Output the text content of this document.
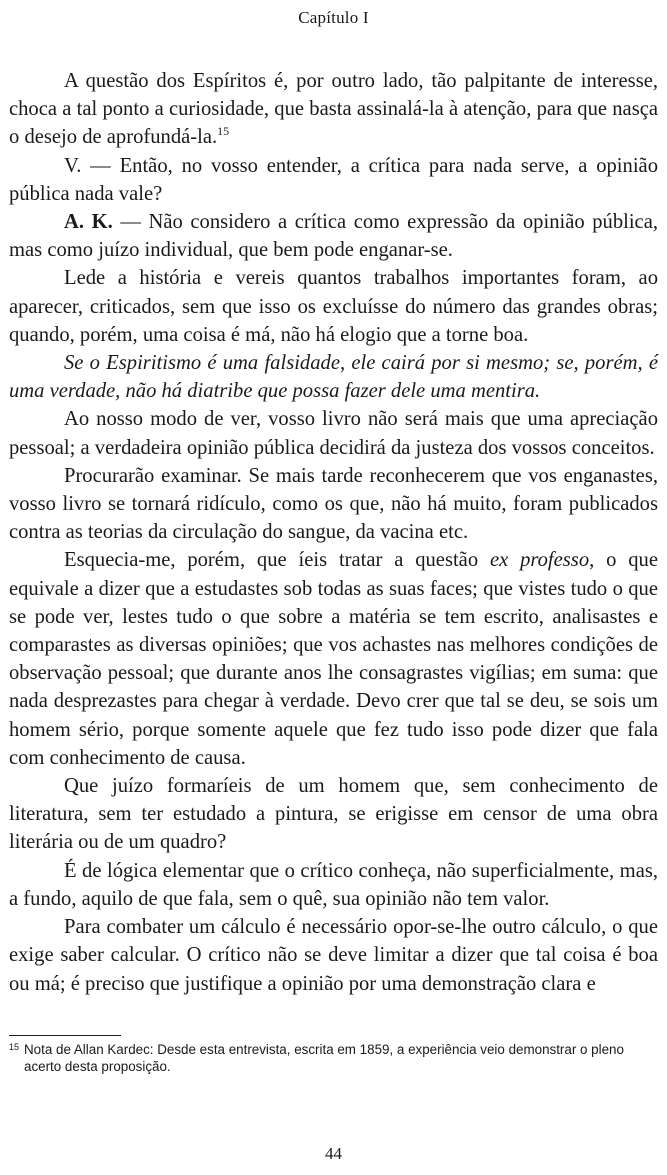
Capítulo I

A questão dos Espíritos é, por outro lado, tão palpitante de interesse, choca a tal ponto a curiosidade, que basta assinalá-la à atenção, para que nasça o desejo de aprofundá-la.$^{15}$

V. — Então, no vosso entender, a crítica para nada serve, a opinião pública nada vale?

A. K. — Não considero a crítica como expressão da opinião pública, mas como juízo individual, que bem pode enganar-se.

Lede a história e vereis quantos trabalhos importantes foram, ao aparecer, criticados, sem que isso os excluísse do número das grandes obras; quando, porém, uma coisa é má, não há elogio que a torne boa.

Se o Espiritismo é uma falsidade, ele cairá por si mesmo; se, porém, é uma verdade, não há diatribe que possa fazer dele uma mentira.

Ao nosso modo de ver, vosso livro não será mais que uma apreciação pessoal; a verdadeira opinião pública decidirá da justeza dos vossos conceitos.

Procurarão examinar. Se mais tarde reconhecerem que vos enganastes, vosso livro se tornará ridículo, como os que, não há muito, foram publicados contra as teorias da circulação do sangue, da vacina etc.

Esquecia-me, porém, que íeis tratar a questão ex professo, o que equivale a dizer que a estudastes sob todas as suas faces; que vistes tudo o que se pode ver, lestes tudo o que sobre a matéria se tem escrito, analisastes e comparastes as diversas opiniões; que vos achastes nas melhores condições de observação pessoal; que durante anos lhe consagrastes vigílias; em suma: que nada desprezastes para chegar à verdade. Devo crer que tal se deu, se sois um homem sério, porque somente aquele que fez tudo isso pode dizer que fala com conhecimento de causa.

Que juízo formaríeis de um homem que, sem conhecimento de literatura, sem ter estudado a pintura, se erigisse em censor de uma obra literária ou de um quadro?

É de lógica elementar que o crítico conheça, não superficialmente, mas, a fundo, aquilo de que fala, sem o quê, sua opinião não tem valor.

Para combater um cálculo é necessário opor-se-lhe outro cálculo, o que exige saber calcular. O crítico não se deve limitar a dizer que tal coisa é boa ou má; é preciso que justifique a opinião por uma demonstração clara e

15 Nota de Allan Kardec: Desde esta entrevista, escrita em 1859, a experiência veio demonstrar o pleno acerto desta proposição.
44
